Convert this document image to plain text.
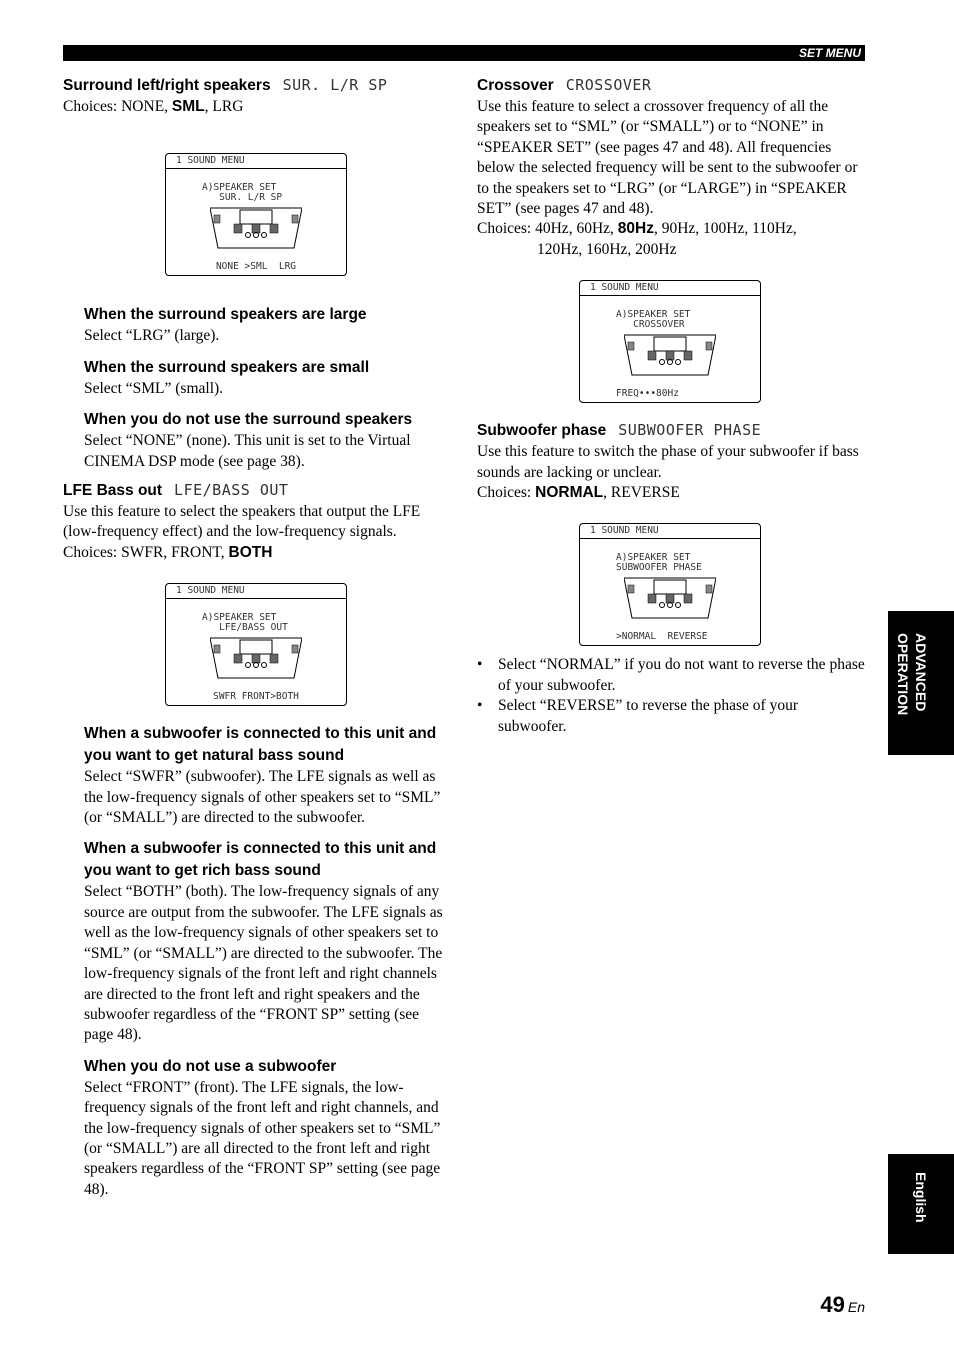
SET MENU

Surround left/right speakers SUR. L/R SP

Choices: NONE, SML, LRG

1 SOUND MENU
A)SPEAKER SET
SUR. L/R SP
NONE >SML  LRG

When the surround speakers are large

Select “LRG” (large).

When the surround speakers are small

Select “SML” (small).

When you do not use the surround speakers

Select “NONE” (none). This unit is set to the Virtual CINEMA DSP mode (see page 38).

LFE Bass out LFE/BASS OUT

Use this feature to select the speakers that output the LFE (low-frequency effect) and the low-frequency signals.

Choices: SWFR, FRONT, BOTH

1 SOUND MENU
A)SPEAKER SET
LFE/BASS OUT
SWFR FRONT>BOTH

When a subwoofer is connected to this unit and you want to get natural bass sound

Select “SWFR” (subwoofer). The LFE signals as well as the low-frequency signals of other speakers set to “SML” (or “SMALL”) are directed to the subwoofer.

When a subwoofer is connected to this unit and you want to get rich bass sound

Select “BOTH” (both). The low-frequency signals of any source are output from the subwoofer. The LFE signals as well as the low-frequency signals of other speakers set to “SML” (or “SMALL”) are directed to the subwoofer. The low-frequency signals of the front left and right channels are directed to the front left and right speakers and the subwoofer regardless of the “FRONT SP” setting (see page 48).

When you do not use a subwoofer

Select “FRONT” (front). The LFE signals, the low-frequency signals of the front left and right channels, and the low-frequency signals of other speakers set to “SML” (or “SMALL”) are all directed to the front left and right speakers regardless of the “FRONT SP” setting (see page 48).

Crossover CROSSOVER

Use this feature to select a crossover frequency of all the speakers set to “SML” (or “SMALL”) or to “NONE” in “SPEAKER SET” (see pages 47 and 48). All frequencies below the selected frequency will be sent to the subwoofer or to the speakers set to “LRG” (or “LARGE”) in “SPEAKER SET” (see pages 47 and 48).

Choices: 40Hz, 60Hz, 80Hz, 90Hz, 100Hz, 110Hz,
120Hz, 160Hz, 200Hz

1 SOUND MENU
A)SPEAKER SET
CROSSOVER
FREQ•••80Hz

Subwoofer phase SUBWOOFER PHASE

Use this feature to switch the phase of your subwoofer if bass sounds are lacking or unclear.

Choices: NORMAL, REVERSE

1 SOUND MENU
A)SPEAKER SET
SUBWOOFER PHASE
>NORMAL  REVERSE
• Select “NORMAL” if you do not want to reverse the phase of your subwoofer.
• Select “REVERSE” to reverse the phase of your subwoofer.
ADVANCED
OPERATION
English
49 En
